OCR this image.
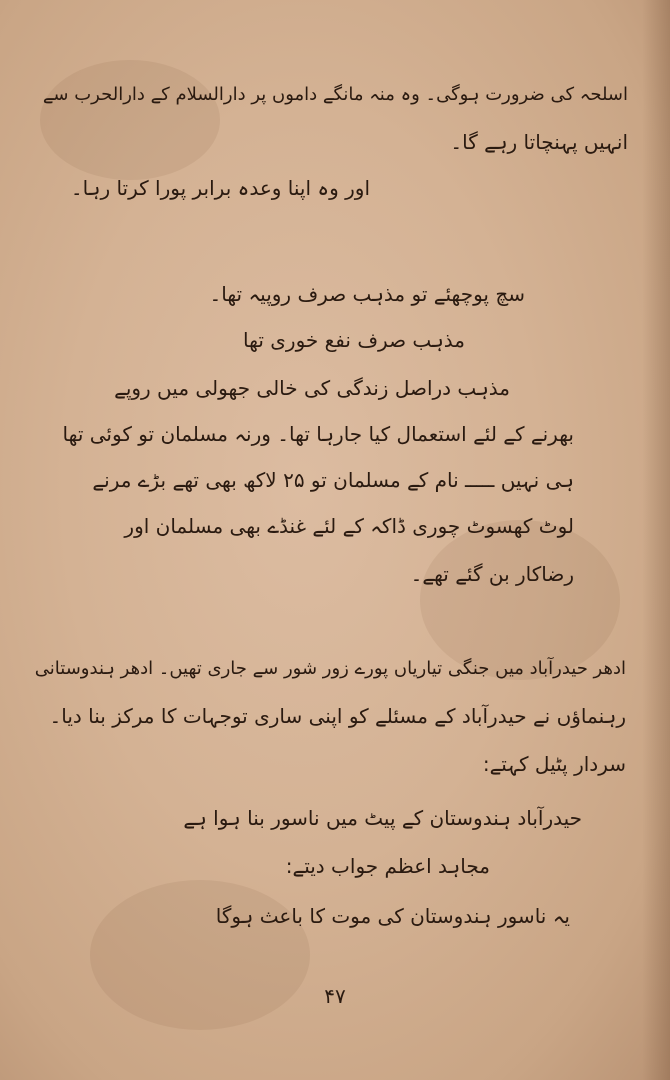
اسلحہ کی ضرورت ہوگی۔ وہ منہ مانگے داموں پر دارالسلام کے دارالحرب سے
انہیں پہنچاتا رہے گا۔
اور وہ اپنا وعدہ برابر پورا کرتا رہا۔
سچ پوچھئے تو مذہب صرف روپیہ تھا۔
مذہب صرف نفع خوری تھا
مذہب دراصل زندگی کی خالی جھولی میں روپے
بھرنے کے لئے استعمال کیا جارہا تھا۔ ورنہ مسلمان تو کوئی تھا
ہی نہیں ـــــ نام کے مسلمان تو ۲۵ لاکھ بھی تھے بڑے مرنے
لوٹ کھسوٹ چوری ڈاکہ کے لئے غنڈے بھی مسلمان اور
رضاکار بن گئے تھے۔
ادھر حیدرآباد میں جنگی تیاریاں پورے زور شور سے جاری تھیں۔ ادھر ہندوستانی
رہنماؤں نے حیدرآباد کے مسئلے کو اپنی ساری توجہات کا مرکز بنا دیا۔
سردار پٹیل کہتے:
حیدرآباد ہندوستان کے پیٹ میں ناسور بنا ہوا ہے
مجاہد اعظم جواب دیتے:
یہ ناسور ہندوستان کی موت کا باعث ہوگا
۴۷
